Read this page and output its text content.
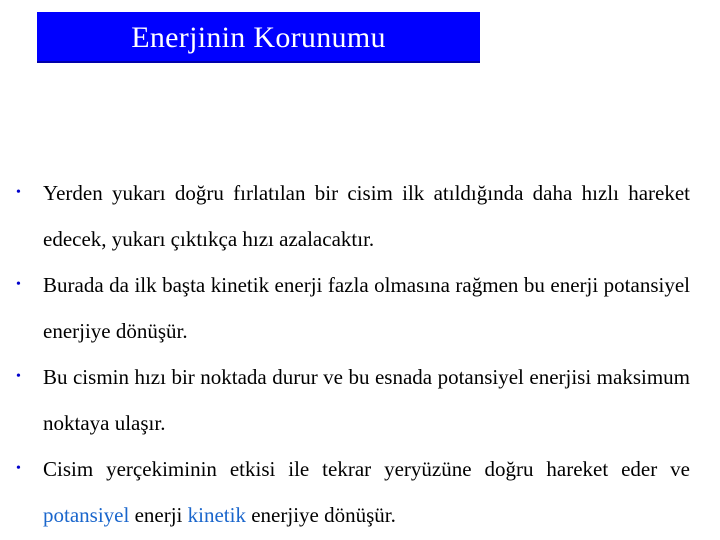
Enerjinin Korunumu
• Yerden yukarı doğru fırlatılan bir cisim ilk atıldığında daha hızlı hareket edecek, yukarı çıktıkça hızı azalacaktır.
• Burada da ilk başta kinetik enerji fazla olmasına rağmen bu enerji potansiyel enerjiye dönüşür.
• Bu cismin hızı bir noktada durur ve bu esnada potansiyel enerjisi maksimum noktaya ulaşır.
• Cisim yerçekiminin etkisi ile tekrar yeryüzüne doğru hareket eder ve potansiyel enerji kinetik enerjiye dönüşür.
